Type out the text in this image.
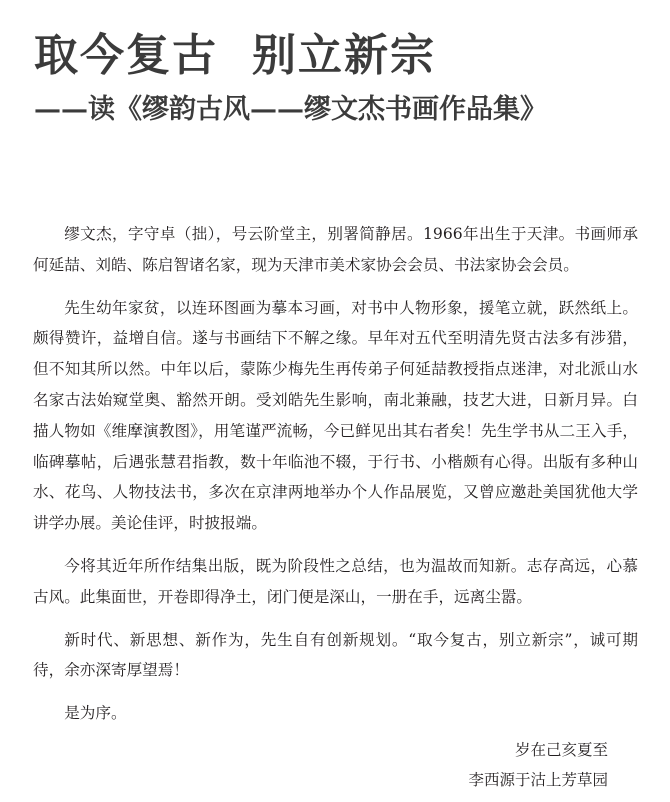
取今复古 别立新宗
——读《缪韵古风——缪文杰书画作品集》

缪文杰，字守卓（拙），号云阶堂主，别署简静居。1966年出生于天津。书画师承何延喆、刘皓、陈启智诸名家，现为天津市美术家协会会员、书法家协会会员。

先生幼年家贫，以连环图画为摹本习画，对书中人物形象，援笔立就，跃然纸上。颇得赞许，益增自信。遂与书画结下不解之缘。早年对五代至明清先贤古法多有涉猎，但不知其所以然。中年以后，蒙陈少梅先生再传弟子何延喆教授指点迷津，对北派山水名家古法始窥堂奥、豁然开朗。受刘皓先生影响，南北兼融，技艺大进，日新月异。白描人物如《维摩演教图》，用笔谨严流畅，今已鲜见出其右者矣！先生学书从二王入手，临碑摹帖，后遇张慧君指教，数十年临池不辍，于行书、小楷颇有心得。出版有多种山水、花鸟、人物技法书，多次在京津两地举办个人作品展览，又曾应邀赴美国犹他大学讲学办展。美论佳评，时披报端。

今将其近年所作结集出版，既为阶段性之总结，也为温故而知新。志存高远，心慕古风。此集面世，开卷即得净土，闭门便是深山，一册在手，远离尘嚣。

新时代、新思想、新作为，先生自有创新规划。“取今复古，别立新宗”，诚可期待，余亦深寄厚望焉！

是为序。

岁在己亥夏至
李西源于沽上芳草园
